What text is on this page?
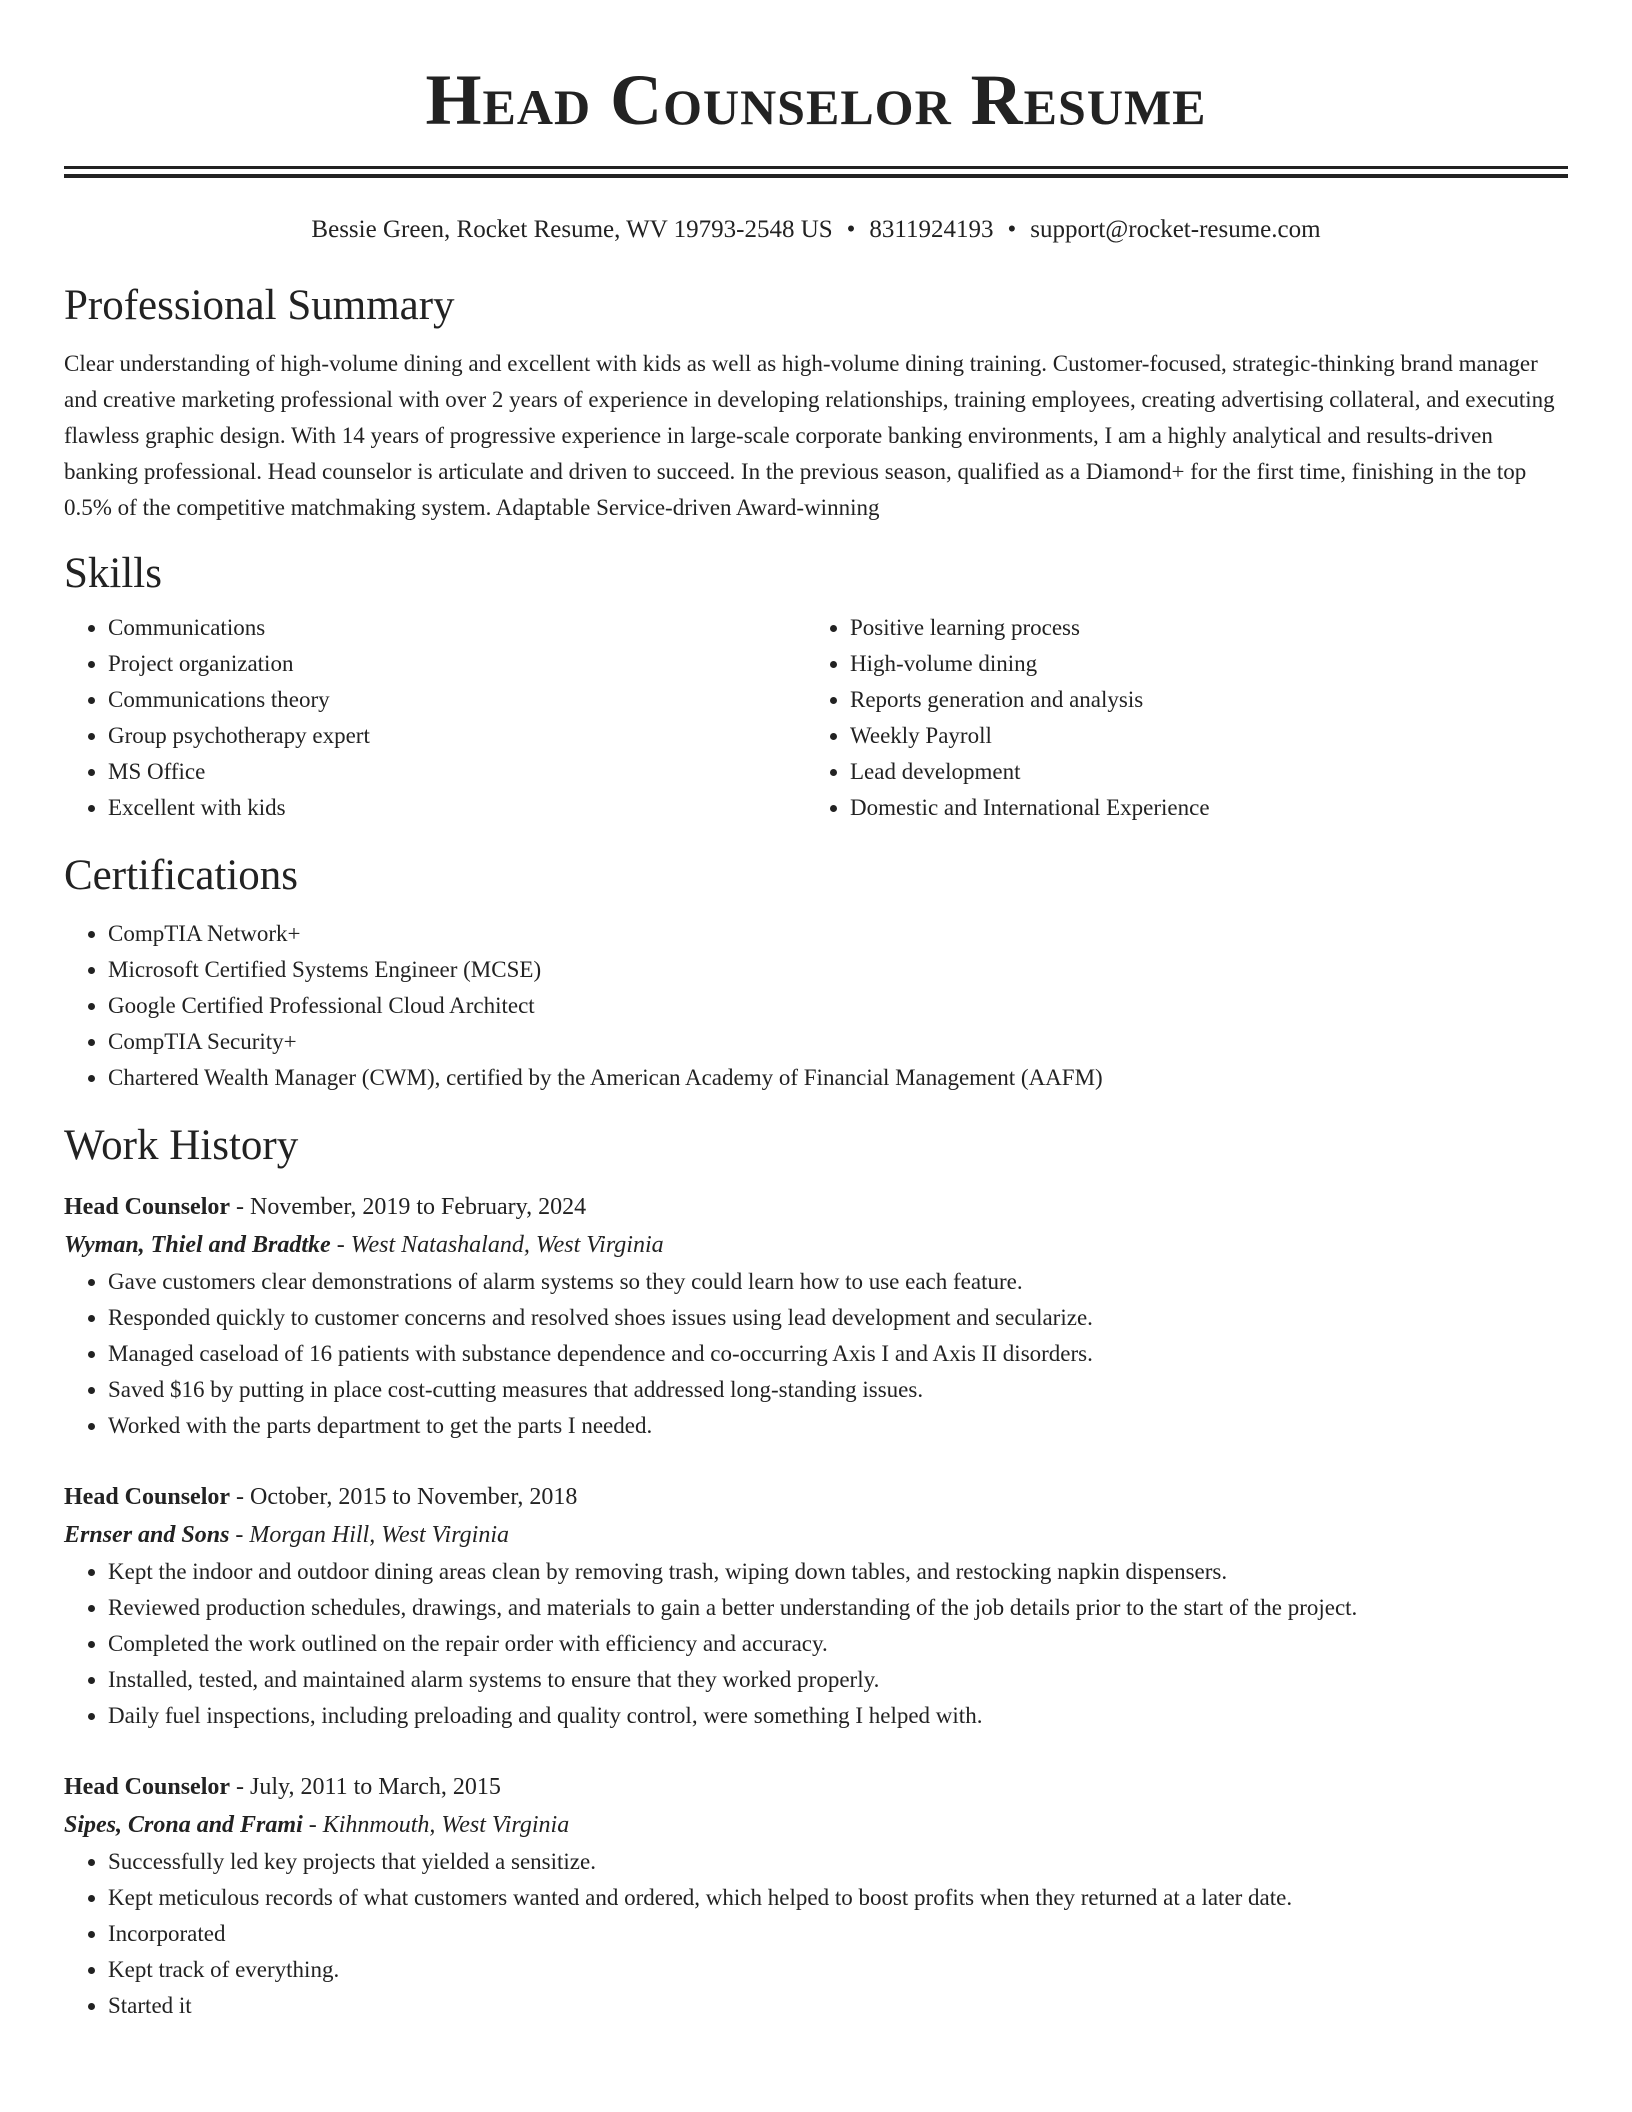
Head Counselor Resume
Bessie Green, Rocket Resume, WV 19793-2548 US • 8311924193 • support@rocket-resume.com
Professional Summary

Clear understanding of high-volume dining and excellent with kids as well as high-volume dining training. Customer-focused, strategic-thinking brand manager and creative marketing professional with over 2 years of experience in developing relationships, training employees, creating advertising collateral, and executing flawless graphic design. With 14 years of progressive experience in large-scale corporate banking environments, I am a highly analytical and results-driven banking professional. Head counselor is articulate and driven to succeed. In the previous season, qualified as a Diamond+ for the first time, finishing in the top 0.5% of the competitive matchmaking system. Adaptable Service-driven Award-winning

Skills
• Communications
• Project organization
• Communications theory
• Group psychotherapy expert
• MS Office
• Excellent with kids
• Positive learning process
• High-volume dining
• Reports generation and analysis
• Weekly Payroll
• Lead development
• Domestic and International Experience
Certifications
• CompTIA Network+
• Microsoft Certified Systems Engineer (MCSE)
• Google Certified Professional Cloud Architect
• CompTIA Security+
• Chartered Wealth Manager (CWM), certified by the American Academy of Financial Management (AAFM)
Work History
Head Counselor - November, 2019 to February, 2024
Wyman, Thiel and Bradtke - West Natashaland, West Virginia
• Gave customers clear demonstrations of alarm systems so they could learn how to use each feature.
• Responded quickly to customer concerns and resolved shoes issues using lead development and secularize.
• Managed caseload of 16 patients with substance dependence and co-occurring Axis I and Axis II disorders.
• Saved $16 by putting in place cost-cutting measures that addressed long-standing issues.
• Worked with the parts department to get the parts I needed.
Head Counselor - October, 2015 to November, 2018
Ernser and Sons - Morgan Hill, West Virginia
• Kept the indoor and outdoor dining areas clean by removing trash, wiping down tables, and restocking napkin dispensers.
• Reviewed production schedules, drawings, and materials to gain a better understanding of the job details prior to the start of the project.
• Completed the work outlined on the repair order with efficiency and accuracy.
• Installed, tested, and maintained alarm systems to ensure that they worked properly.
• Daily fuel inspections, including preloading and quality control, were something I helped with.
Head Counselor - July, 2011 to March, 2015
Sipes, Crona and Frami - Kihnmouth, West Virginia
• Successfully led key projects that yielded a sensitize.
• Kept meticulous records of what customers wanted and ordered, which helped to boost profits when they returned at a later date.
• Incorporated
• Kept track of everything.
• Started it
